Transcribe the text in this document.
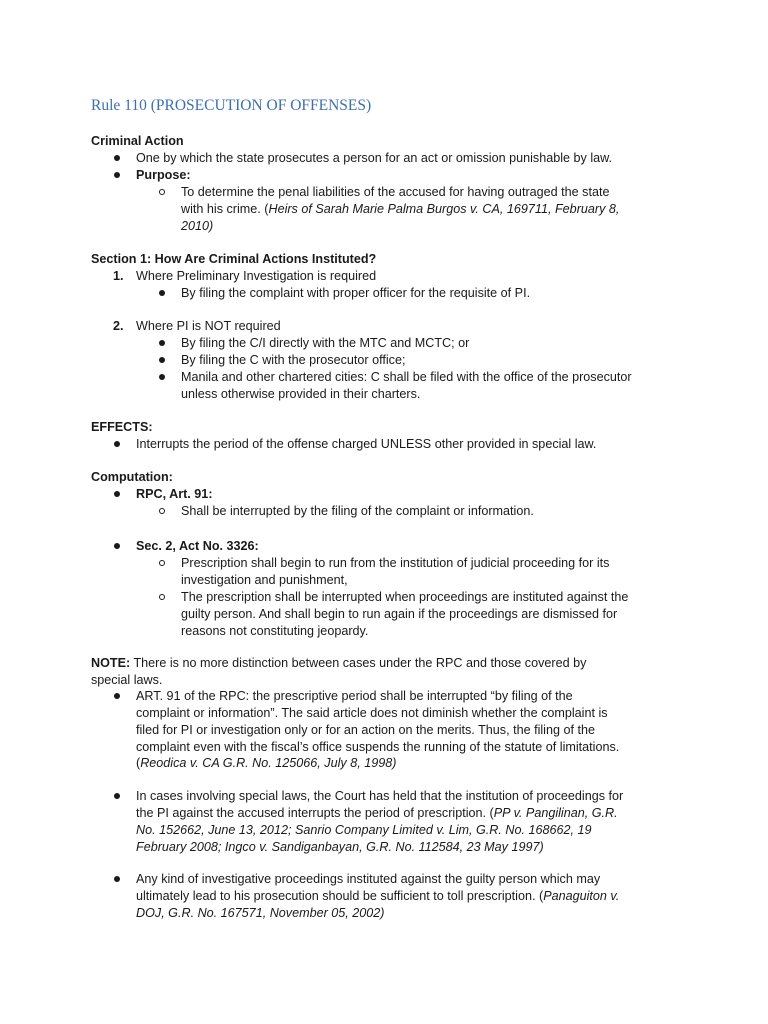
Rule 110 (PROSECUTION OF OFFENSES)
Criminal Action
One by which the state prosecutes a person for an act or omission punishable by law.
Purpose:
To determine the penal liabilities of the accused for having outraged the state
with his crime. (Heirs of Sarah Marie Palma Burgos v. CA, 169711, February 8,
2010)
Section 1: How Are Criminal Actions Instituted?
1. Where Preliminary Investigation is required
By filing the complaint with proper officer for the requisite of PI.
2. Where PI is NOT required
By filing the C/I directly with the MTC and MCTC; or
By filing the C with the prosecutor office;
Manila and other chartered cities: C shall be filed with the office of the prosecutor
unless otherwise provided in their charters.
EFFECTS:
Interrupts the period of the offense charged UNLESS other provided in special law.
Computation:
RPC, Art. 91:
Shall be interrupted by the filing of the complaint or information.
Sec. 2, Act No. 3326:
Prescription shall begin to run from the institution of judicial proceeding for its
investigation and punishment,
The prescription shall be interrupted when proceedings are instituted against the
guilty person. And shall begin to run again if the proceedings are dismissed for
reasons not constituting jeopardy.
NOTE: There is no more distinction between cases under the RPC and those covered by
special laws.
ART. 91 of the RPC: the prescriptive period shall be interrupted “by filing of the
complaint or information”. The said article does not diminish whether the complaint is
filed for PI or investigation only or for an action on the merits. Thus, the filing of the
complaint even with the fiscal’s office suspends the running of the statute of limitations.
(Reodica v. CA G.R. No. 125066, July 8, 1998)
In cases involving special laws, the Court has held that the institution of proceedings for
the PI against the accused interrupts the period of prescription. (PP v. Pangilinan, G.R.
No. 152662, June 13, 2012; Sanrio Company Limited v. Lim, G.R. No. 168662, 19
February 2008; Ingco v. Sandiganbayan, G.R. No. 112584, 23 May 1997)
Any kind of investigative proceedings instituted against the guilty person which may
ultimately lead to his prosecution should be sufficient to toll prescription. (Panaguiton v.
DOJ, G.R. No. 167571, November 05, 2002)
